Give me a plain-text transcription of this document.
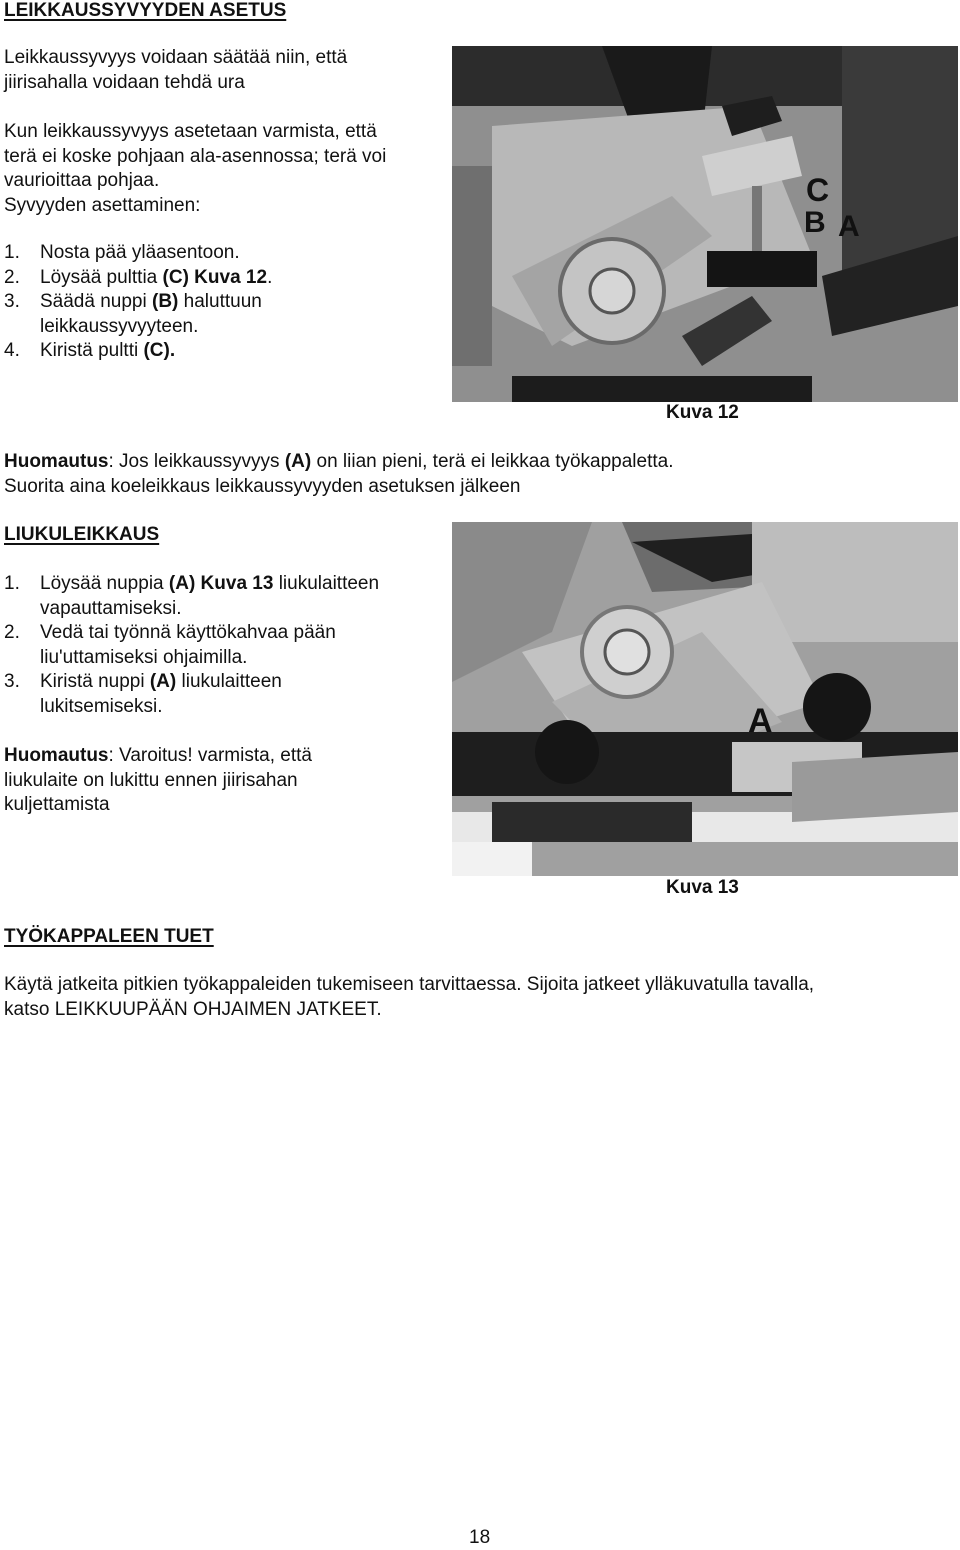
LEIKKAUSSYVYYDEN ASETUS
Leikkaussyvyys voidaan säätää niin, että
jiirisahalla voidaan tehdä ura
Kun leikkaussyvyys asetetaan varmista, että
terä ei koske pohjaan ala-asennossa; terä voi
vaurioittaa pohjaa.
Syvyyden asettaminen:
1. Nosta pää yläasentoon.
2. Löysää pulttia (C) Kuva 12.
3. Säädä nuppi (B) haluttuun
leikkaussyvyyteen.
4. Kiristä pultti (C).
C
B A
Kuva 12
Huomautus: Jos leikkaussyvyys (A) on liian pieni, terä ei leikkaa työkappaletta.
Suorita aina koeleikkaus leikkaussyvyyden asetuksen jälkeen
LIUKULEIKKAUS
1. Löysää nuppia (A) Kuva 13 liukulaitteen
vapauttamiseksi.
2. Vedä tai työnnä käyttökahvaa pään
liu'uttamiseksi ohjaimilla.
3. Kiristä nuppi (A) liukulaitteen
lukitsemiseksi.
Huomautus: Varoitus! varmista, että
liukulaite on lukittu ennen jiirisahan
kuljettamista
A
Kuva 13
TYÖKAPPALEEN TUET
Käytä jatkeita pitkien työkappaleiden tukemiseen tarvittaessa. Sijoita jatkeet ylläkuvatulla tavalla,
katso LEIKKUUPÄÄN OHJAIMEN JATKEET.
18
